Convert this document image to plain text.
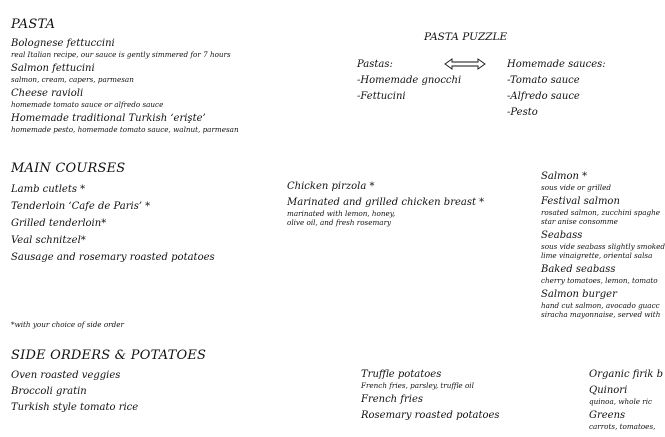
PASTA
Bolognese fettuccini
real Italian recipe, our sauce is gently simmered for 7 hours
Salmon fettucini
salmon, cream, capers, parmesan
Cheese ravioli
homemade tomato sauce or alfredo sauce
Homemade traditional Turkish ‘erişte’
homemade pesto, homemade tomato sauce, walnut, parmesan
PASTA PUZZLE
Pastas:
-Homemade gnocchi
-Fettucini
Homemade sauces:
-Tomato sauce
-Alfredo sauce
-Pesto
MAIN COURSES
Lamb cutlets *
Tenderloin ‘Cafe de Paris’ *
Grilled tenderloin*
Veal schnitzel*
Sausage and rosemary roasted potatoes
*with your choice of side order
Chicken pirzola *
Marinated and grilled chicken breast *
marinated with lemon, honey,
olive oil, and fresh rosemary
Salmon *
sous vide or grilled
Festival salmon
rosated salmon, zucchini spaghe
star anise consomme
Seabass
sous vide seabass slightly smoked
lime vinaigrette, oriental salsa
Baked seabass
cherry tomatoes, lemon, tomato
Salmon burger
hand cut salmon, avocado guacc
siracha mayonnaise, served with
SIDE ORDERS & POTATOES
Oven roasted veggies
Broccoli gratin
Turkish style tomato rice
Truffle potatoes
French fries, parsley, truffle oil
French fries
Rosemary roasted potatoes
Organic firik b
Quinori
quinoa, whole ric
Greens
carrots, tomatoes,
